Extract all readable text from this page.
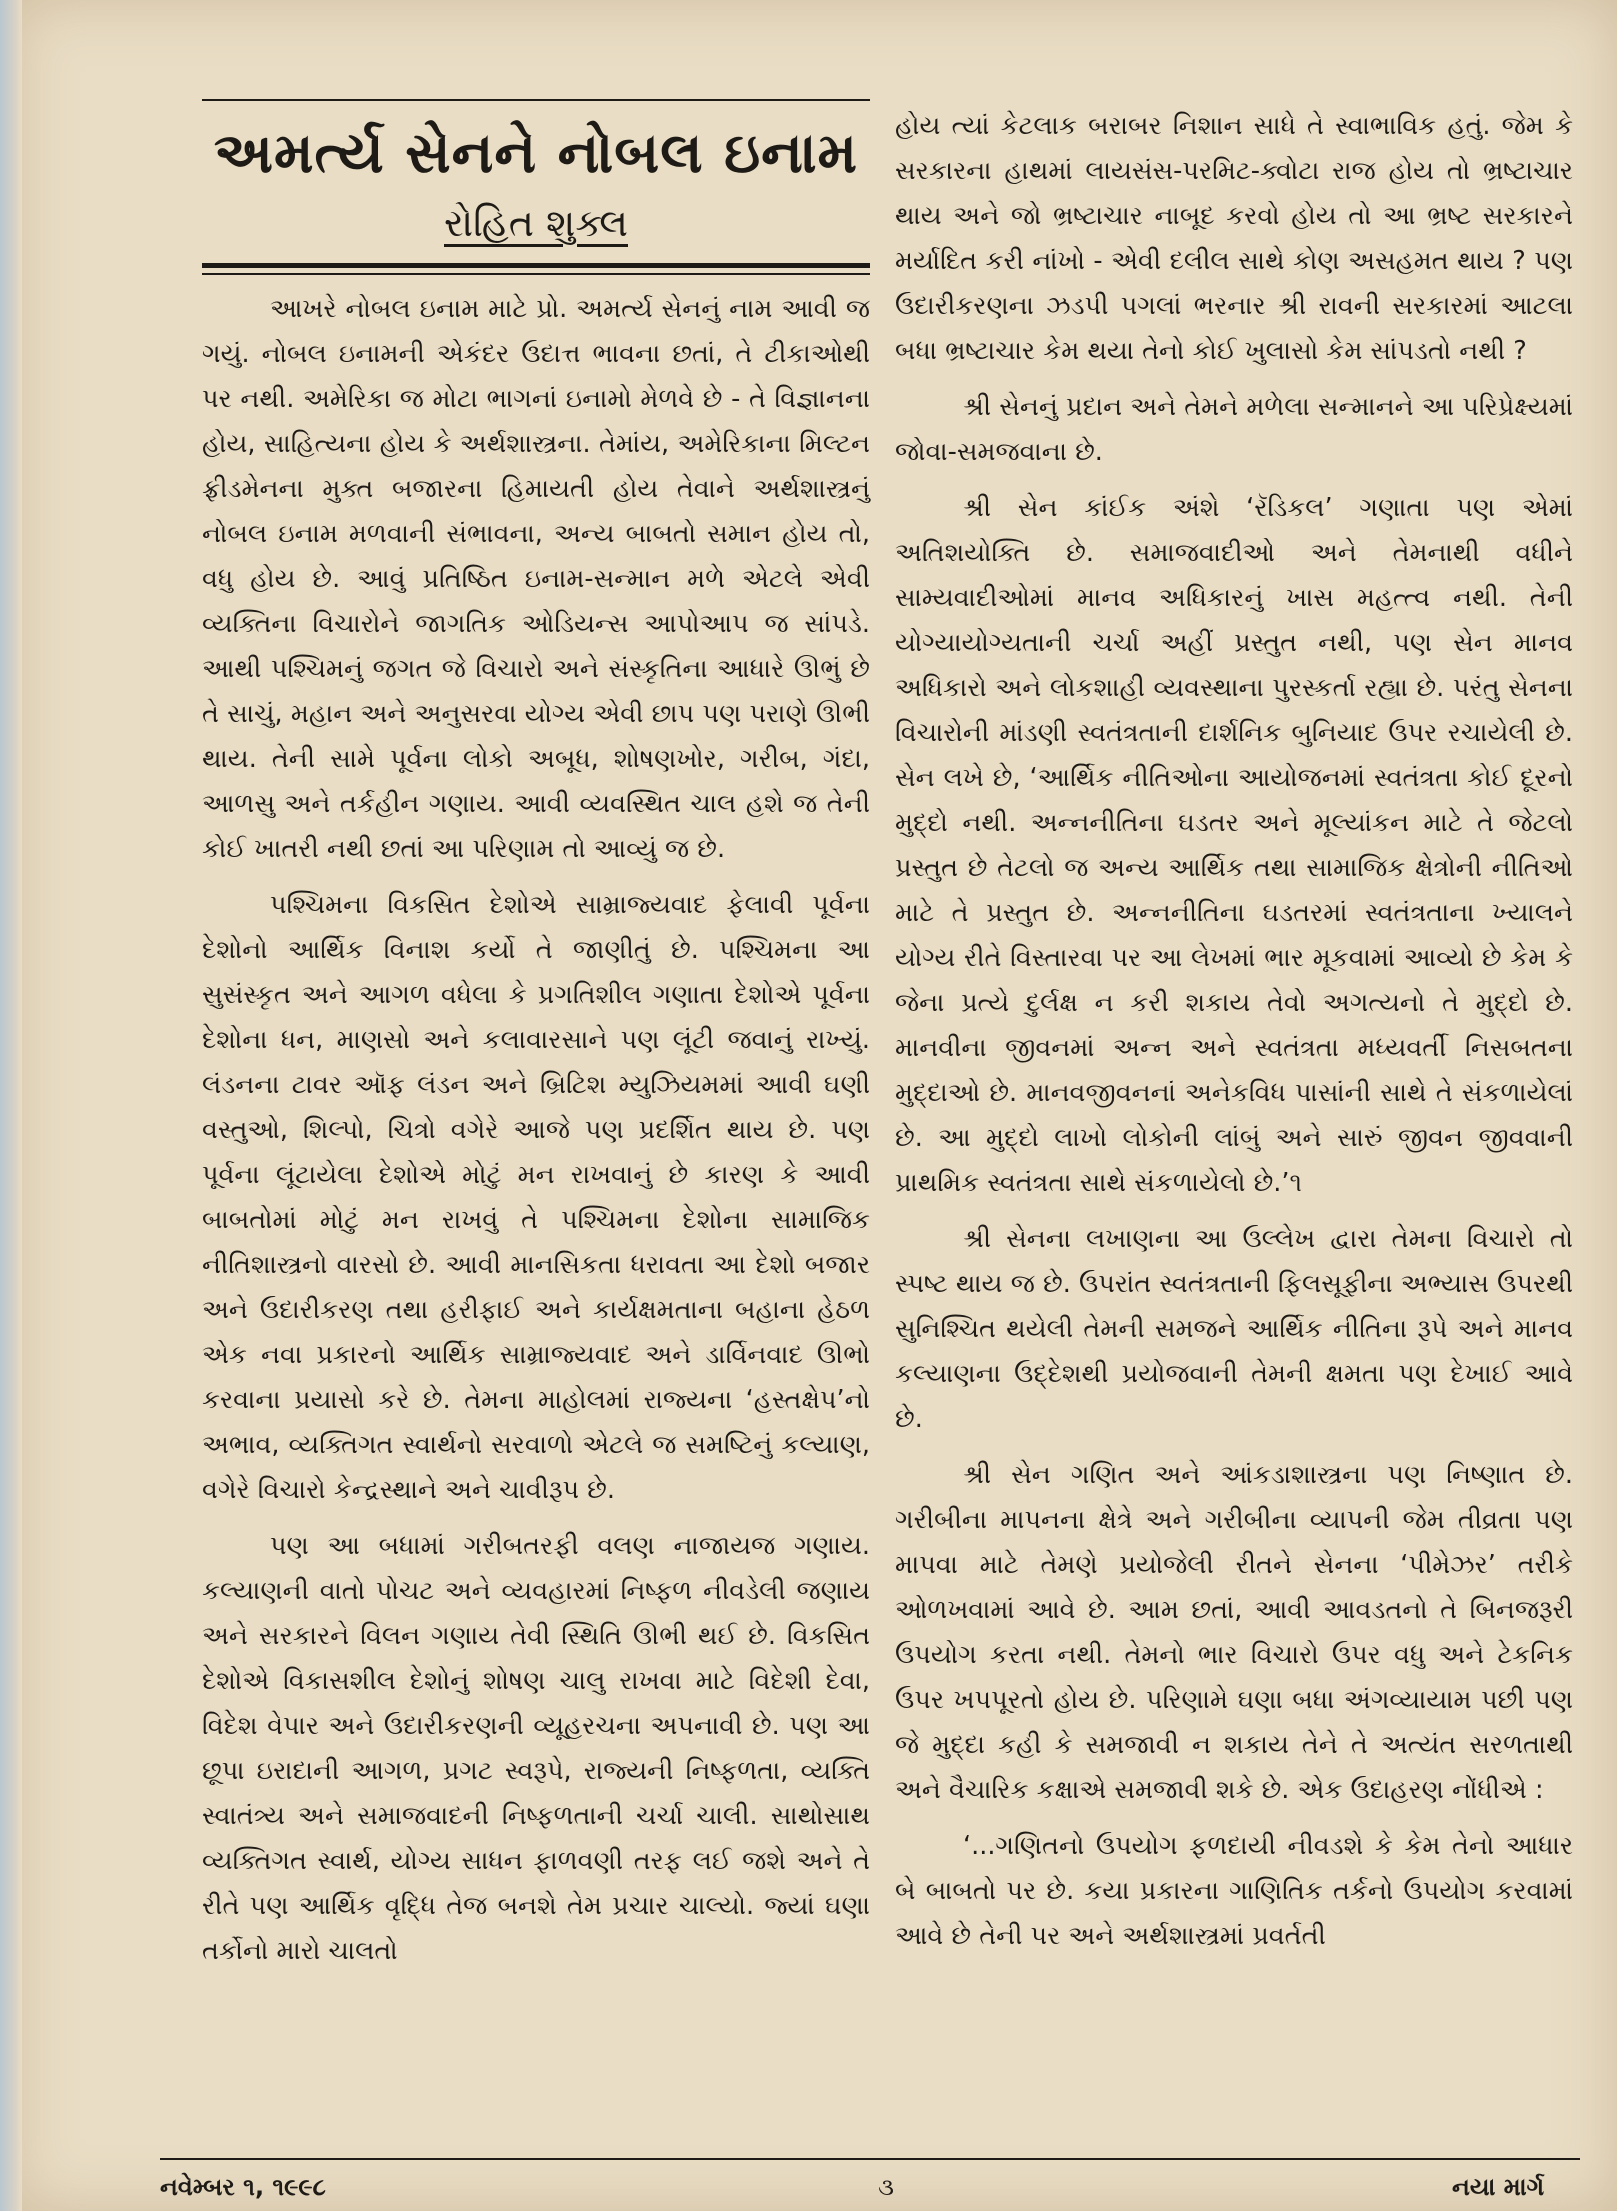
અમર્ત્ય સેનને નોબલ ઇનામ
રોહિત શુક્લ

આખરે નોબલ ઇનામ માટે પ્રો. અમર્ત્ય સેનનું નામ આવી જ ગયું. નોબલ ઇનામની એકંદર ઉદાત્ત ભાવના છતાં, તે ટીકાઓથી પર નથી. અમેરિકા જ મોટા ભાગનાં ઇનામો મેળવે છે - તે વિજ્ઞાનના હોય, સાહિત્યના હોય કે અર્થશાસ્ત્રના. તેમાંય, અમેરિકાના મિલ્ટન ફ્રીડમેનના મુક્ત બજારના હિમાયતી હોય તેવાને અર્થશાસ્ત્રનું નોબલ ઇનામ મળવાની સંભાવના, અન્ય બાબતો સમાન હોય તો, વધુ હોય છે. આવું પ્રતિષ્ઠિત ઇનામ-સન્માન મળે એટલે એવી વ્યક્તિના વિચારોને જાગતિક ઓડિયન્સ આપોઆપ જ સાંપડે. આથી પશ્ચિમનું જગત જે વિચારો અને સંસ્કૃતિના આધારે ઊભું છે તે સાચું, મહાન અને અનુસરવા યોગ્ય એવી છાપ પણ પરાણે ઊભી થાય. તેની સામે પૂર્વના લોકો અબૂધ, શોષણખોર, ગરીબ, ગંદા, આળસુ અને તર્કહીન ગણાય. આવી વ્યવસ્થિત ચાલ હશે જ તેની કોઈ ખાતરી નથી છતાં આ પરિણામ તો આવ્યું જ છે.

પશ્ચિમના વિકસિત દેશોએ સામ્રાજ્યવાદ ફેલાવી પૂર્વના દેશોનો આર્થિક વિનાશ કર્યો તે જાણીતું છે. પશ્ચિમના આ સુસંસ્કૃત અને આગળ વધેલા કે પ્રગતિશીલ ગણાતા દેશોએ પૂર્વના દેશોના ધન, માણસો અને કલાવારસાને પણ લૂંટી જવાનું રાખ્યું. લંડનના ટાવર ઑફ લંડન અને બ્રિટિશ મ્યુઝિયમમાં આવી ઘણી વસ્તુઓ, શિલ્પો, ચિત્રો વગેરે આજે પણ પ્રદર્શિત થાય છે. પણ પૂર્વના લૂંટાયેલા દેશોએ મોટું મન રાખવાનું છે કારણ કે આવી બાબતોમાં મોટું મન રાખવું તે પશ્ચિમના દેશોના સામાજિક નીતિશાસ્ત્રનો વારસો છે. આવી માનસિકતા ધરાવતા આ દેશો બજાર અને ઉદારીકરણ તથા હરીફાઈ અને કાર્યક્ષમતાના બહાના હેઠળ એક નવા પ્રકારનો આર્થિક સામ્રાજ્યવાદ અને ડાર્વિનવાદ ઊભો કરવાના પ્રયાસો કરે છે. તેમના માહોલમાં રાજ્યના ‘હસ્તક્ષેપ’નો અભાવ, વ્યક્તિગત સ્વાર્થનો સરવાળો એટલે જ સમષ્ટિનું કલ્યાણ, વગેરે વિચારો કેન્દ્રસ્થાને અને ચાવીરૂપ છે.

પણ આ બધામાં ગરીબતરફી વલણ નાજાયજ ગણાય. કલ્યાણની વાતો પોચટ અને વ્યવહારમાં નિષ્ફળ નીવડેલી જણાય અને સરકારને વિલન ગણાય તેવી સ્થિતિ ઊભી થઈ છે. વિકસિત દેશોએ વિકાસશીલ દેશોનું શોષણ ચાલુ રાખવા માટે વિદેશી દેવા, વિદેશ વેપાર અને ઉદારીકરણની વ્યૂહરચના અપનાવી છે. પણ આ છૂપા ઇરાદાની આગળ, પ્રગટ સ્વરૂપે, રાજ્યની નિષ્ફળતા, વ્યક્તિ સ્વાતંત્ર્ય અને સમાજવાદની નિષ્ફળતાની ચર્ચા ચાલી. સાથોસાથ વ્યક્તિગત સ્વાર્થ, યોગ્ય સાધન ફાળવણી તરફ લઈ જશે અને તે રીતે પણ આર્થિક વૃદ્ધિ તેજ બનશે તેમ પ્રચાર ચાલ્યો. જ્યાં ઘણા તર્કોનો મારો ચાલતો

હોય ત્યાં કેટલાક બરાબર નિશાન સાધે તે સ્વાભાવિક હતું. જેમ કે સરકારના હાથમાં લાયસંસ-પરમિટ-ક્વોટા રાજ હોય તો ભ્રષ્ટાચાર થાય અને જો ભ્રષ્ટાચાર નાબૂદ કરવો હોય તો આ ભ્રષ્ટ સરકારને મર્યાદિત કરી નાંખો - એવી દલીલ સાથે કોણ અસહમત થાય ? પણ ઉદારીકરણના ઝડપી પગલાં ભરનાર શ્રી રાવની સરકારમાં આટલા બધા ભ્રષ્ટાચાર કેમ થયા તેનો કોઈ ખુલાસો કેમ સાંપડતો નથી ?

શ્રી સેનનું પ્રદાન અને તેમને મળેલા સન્માનને આ પરિપ્રેક્ષ્યમાં જોવા-સમજવાના છે.

શ્રી સેન કાંઈક અંશે ‘રૅડિકલ’ ગણાતા પણ એમાં અતિશયોક્તિ છે. સમાજવાદીઓ અને તેમનાથી વધીને સામ્યવાદીઓમાં માનવ અધિકારનું ખાસ મહત્ત્વ નથી. તેની યોગ્યાયોગ્યતાની ચર્ચા અહીં પ્રસ્તુત નથી, પણ સેન માનવ અધિકારો અને લોકશાહી વ્યવસ્થાના પુરસ્કર્તા રહ્યા છે. પરંતુ સેનના વિચારોની માંડણી સ્વતંત્રતાની દાર્શનિક બુનિયાદ ઉપર રચાયેલી છે. સેન લખે છે, ‘આર્થિક નીતિઓના આયોજનમાં સ્વતંત્રતા કોઈ દૂરનો મુદ્દો નથી. અન્નનીતિના ઘડતર અને મૂલ્યાંકન માટે તે જેટલો પ્રસ્તુત છે તેટલો જ અન્ય આર્થિક તથા સામાજિક ક્ષેત્રોની નીતિઓ માટે તે પ્રસ્તુત છે. અન્નનીતિના ઘડતરમાં સ્વતંત્રતાના ખ્યાલને યોગ્ય રીતે વિસ્તારવા પર આ લેખમાં ભાર મૂકવામાં આવ્યો છે કેમ કે જેના પ્રત્યે દુર્લક્ષ ન કરી શકાય તેવો અગત્યનો તે મુદ્દો છે. માનવીના જીવનમાં અન્ન અને સ્વતંત્રતા મધ્યવર્તી નિસબતના મુદ્દાઓ છે. માનવજીવનનાં અનેકવિધ પાસાંની સાથે તે સંકળાયેલાં છે. આ મુદ્દો લાખો લોકોની લાંબું અને સારું જીવન જીવવાની પ્રાથમિક સ્વતંત્રતા સાથે સંકળાયેલો છે.’૧

શ્રી સેનના લખાણના આ ઉલ્લેખ દ્વારા તેમના વિચારો તો સ્પષ્ટ થાય જ છે. ઉપરાંત સ્વતંત્રતાની ફિલસૂફીના અભ્યાસ ઉપરથી સુનિશ્ચિત થયેલી તેમની સમજને આર્થિક નીતિના રૂપે અને માનવ કલ્યાણના ઉદ્દેશથી પ્રયોજવાની તેમની ક્ષમતા પણ દેખાઈ આવે છે.

શ્રી સેન ગણિત અને આંકડાશાસ્ત્રના પણ નિષ્ણાત છે. ગરીબીના માપનના ક્ષેત્રે અને ગરીબીના વ્યાપની જેમ તીવ્રતા પણ માપવા માટે તેમણે પ્રયોજેલી રીતને સેનના ‘પીમેઝર’ તરીકે ઓળખવામાં આવે છે. આમ છતાં, આવી આવડતનો તે બિનજરૂરી ઉપયોગ કરતા નથી. તેમનો ભાર વિચારો ઉપર વધુ અને ટેકનિક ઉપર ખપપૂરતો હોય છે. પરિણામે ઘણા બધા અંગવ્યાયામ પછી પણ જે મુદ્દા કહી કે સમજાવી ન શકાય તેને તે અત્યંત સરળતાથી અને વૈચારિક કક્ષાએ સમજાવી શકે છે. એક ઉદાહરણ નોંધીએ :

‘...ગણિતનો ઉપયોગ ફળદાયી નીવડશે કે કેમ તેનો આધાર બે બાબતો પર છે. કયા પ્રકારના ગાણિતિક તર્કનો ઉપયોગ કરવામાં આવે છે તેની પર અને અર્થશાસ્ત્રમાં પ્રવર્તતી

નવેમ્બર ૧, ૧૯૯૮	૩	નયા માર્ગ
